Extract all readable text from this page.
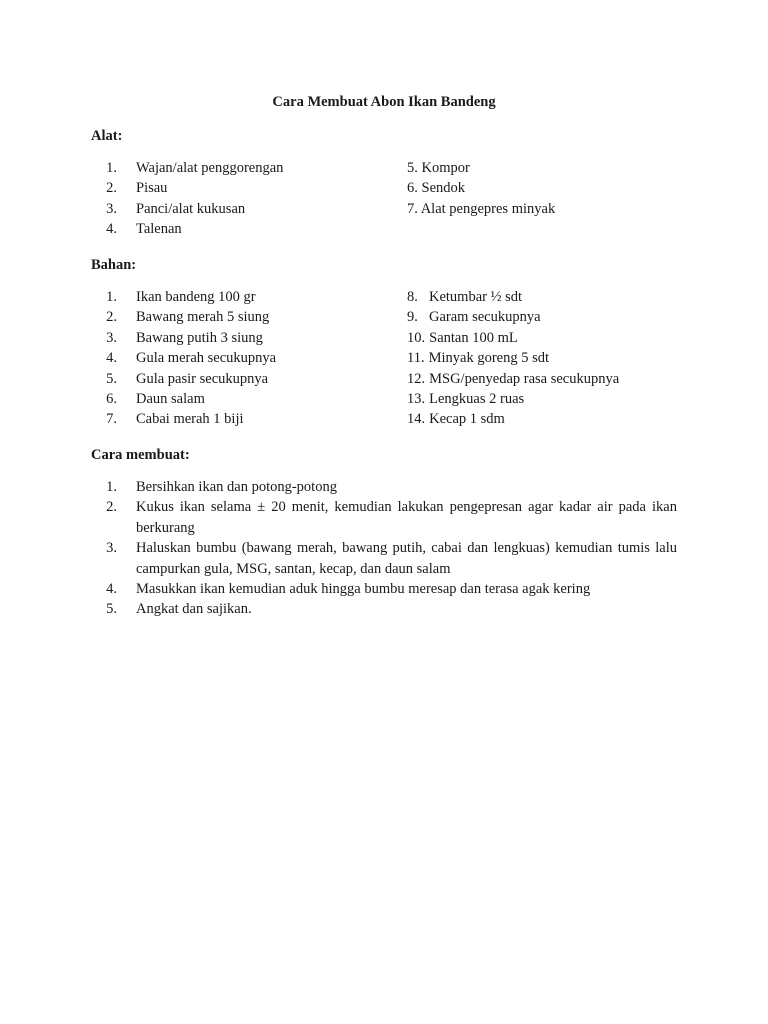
Cara Membuat Abon Ikan Bandeng
Alat:
1. Wajan/alat penggorengan
2. Pisau
3. Panci/alat kukusan
4. Talenan
5. Kompor
6. Sendok
7. Alat pengepres minyak
Bahan:
1. Ikan bandeng 100 gr
2. Bawang merah 5 siung
3. Bawang putih 3 siung
4. Gula merah secukupnya
5. Gula pasir secukupnya
6. Daun salam
7. Cabai merah 1 biji
8. Ketumbar ½ sdt
9. Garam secukupnya
10. Santan 100 mL
11. Minyak goreng 5 sdt
12. MSG/penyedap rasa secukupnya
13. Lengkuas 2 ruas
14. Kecap 1 sdm
Cara membuat:
1. Bersihkan ikan dan potong-potong
2. Kukus ikan selama ± 20 menit, kemudian lakukan pengepresan agar kadar air pada ikan berkurang
3. Haluskan bumbu (bawang merah, bawang putih, cabai dan lengkuas) kemudian tumis lalu campurkan gula, MSG, santan, kecap, dan daun salam
4. Masukkan ikan kemudian aduk hingga bumbu meresap dan terasa agak kering
5. Angkat dan sajikan.
